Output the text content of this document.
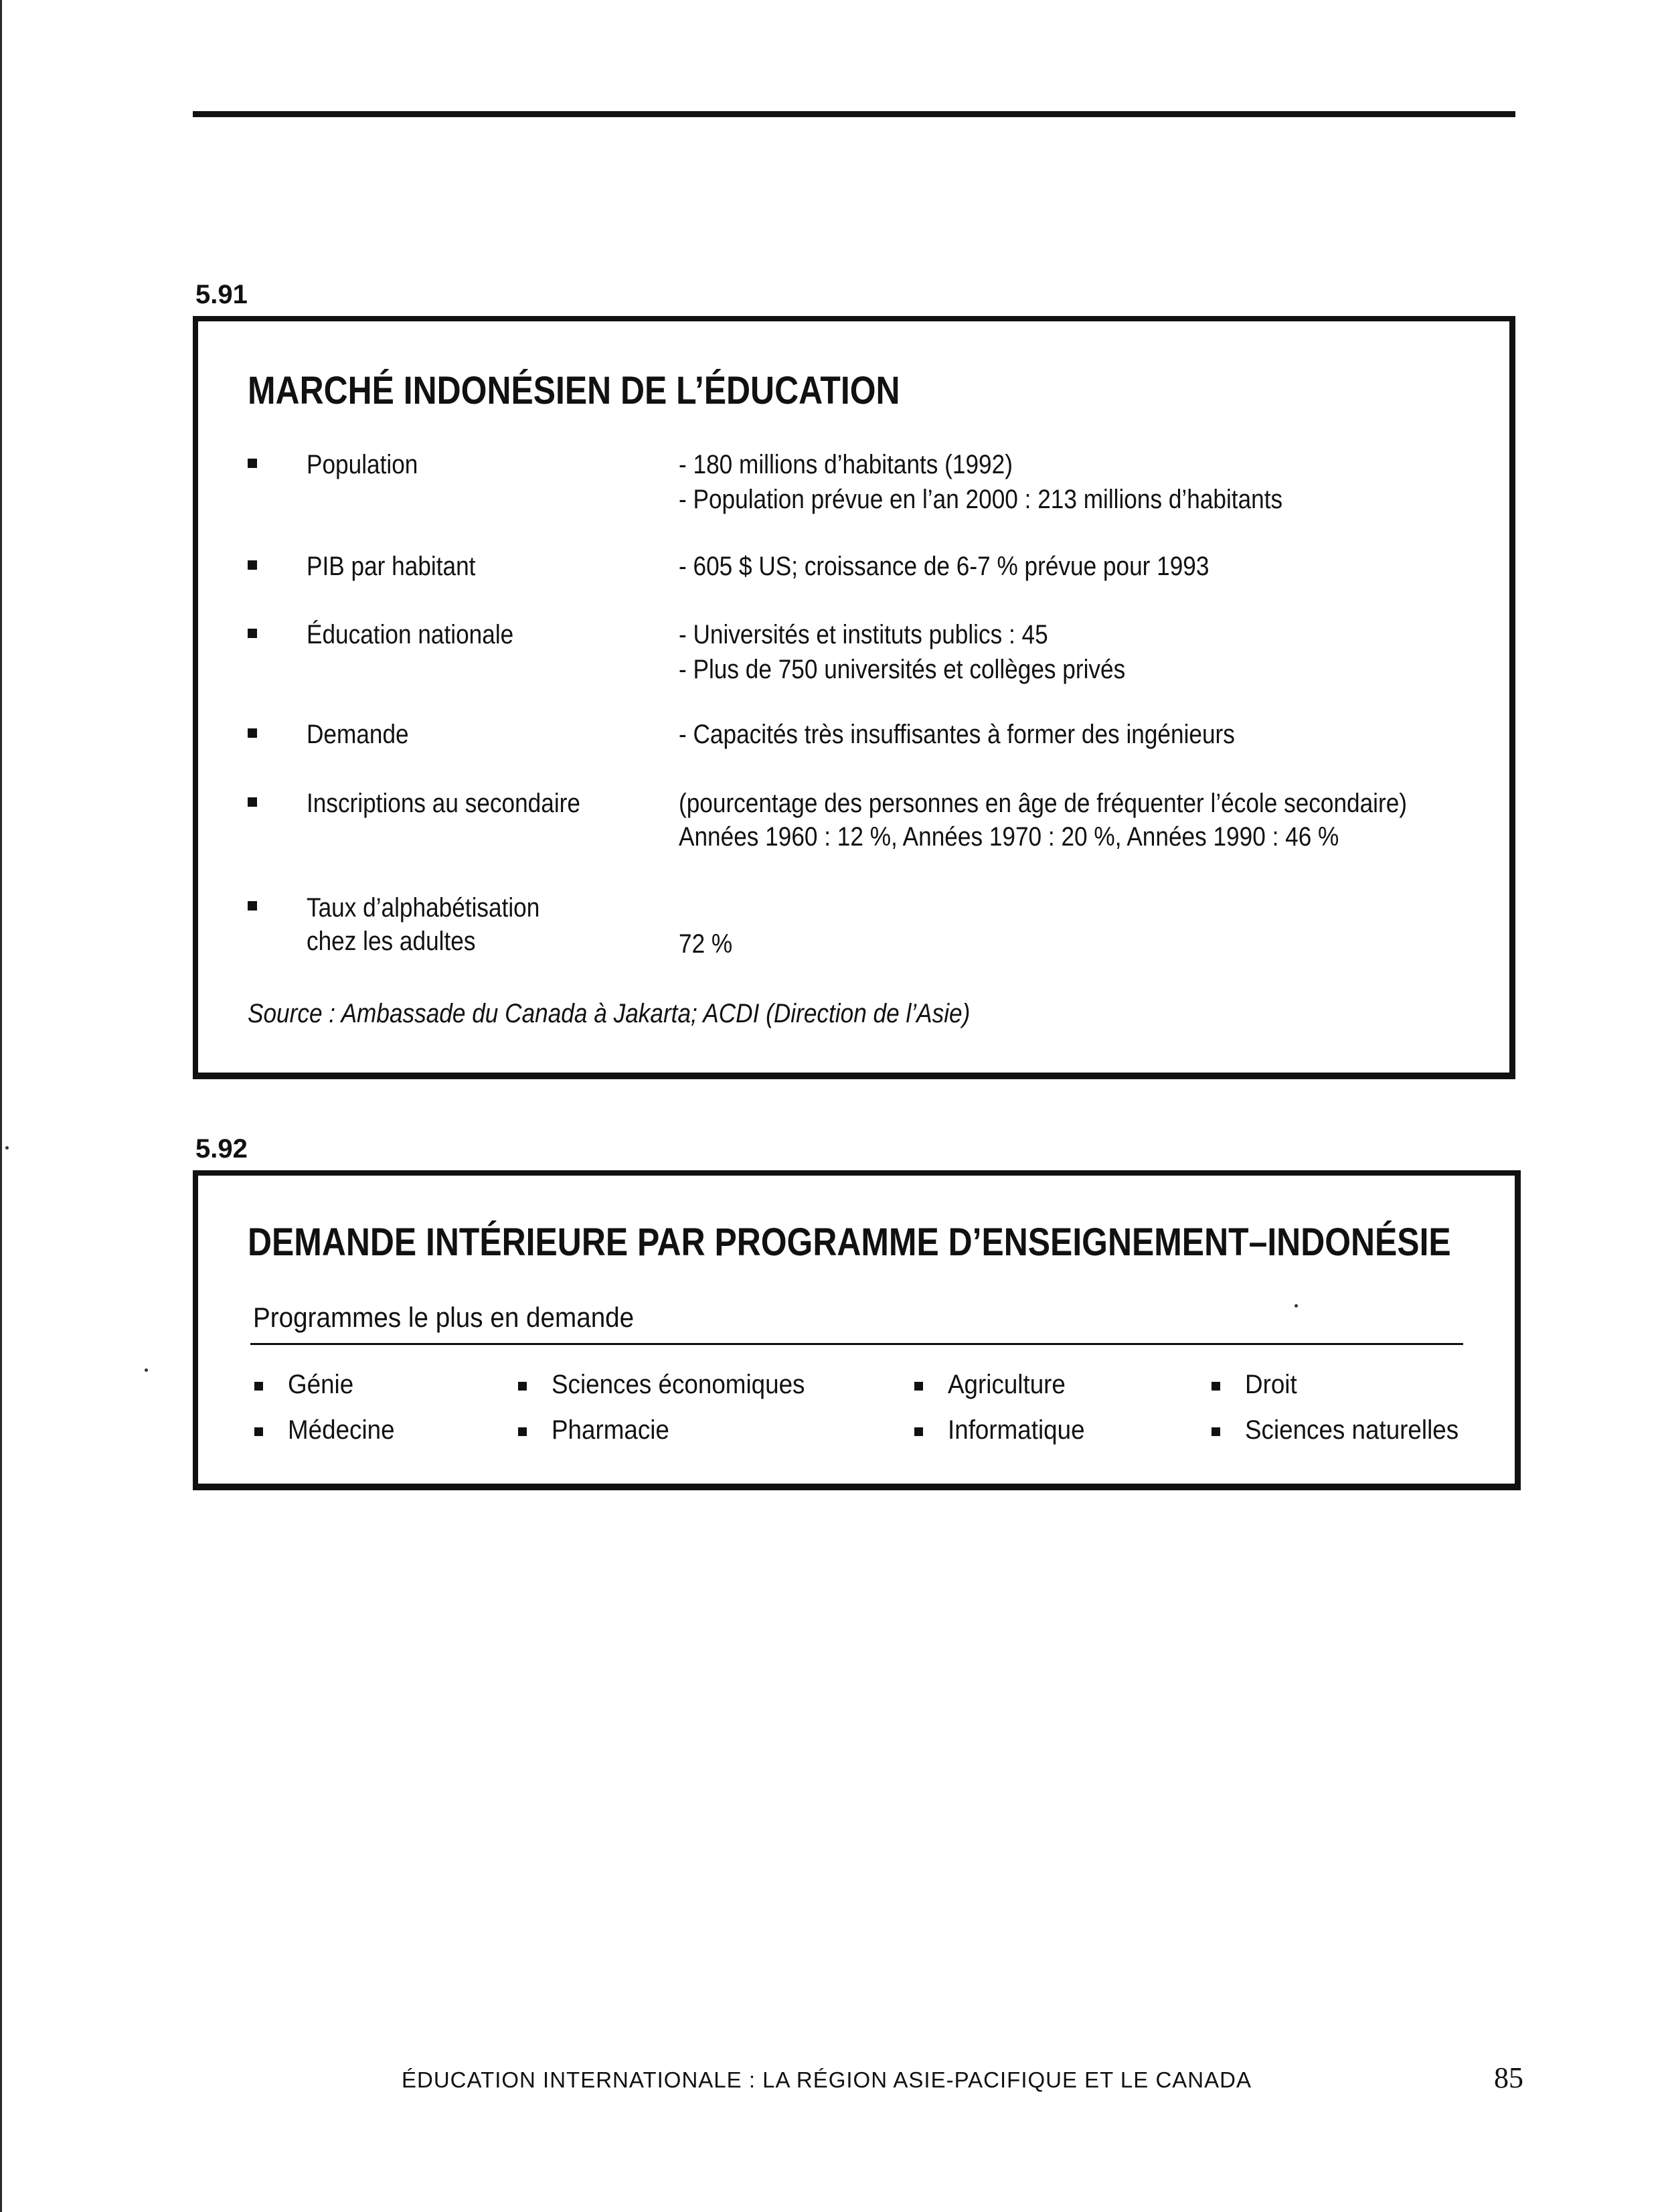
5.91
MARCHÉ INDONÉSIEN DE L’ÉDUCATION
Population	- 180 millions d’habitants (1992)
- Population prévue en l’an 2000 : 213 millions d’habitants
PIB par habitant	- 605 $ US; croissance de 6-7 % prévue pour 1993
Éducation nationale	- Universités et instituts publics : 45
- Plus de 750 universités et collèges privés
Demande	- Capacités très insuffisantes à former des ingénieurs
Inscriptions au secondaire	(pourcentage des personnes en âge de fréquenter l’école secondaire)
Années 1960 : 12 %, Années 1970 : 20 %, Années 1990 : 46 %
Taux d’alphabétisation
chez les adultes	72 %
Source : Ambassade du Canada à Jakarta; ACDI (Direction de l’Asie)
5.92
DEMANDE INTÉRIEURE PAR PROGRAMME D’ENSEIGNEMENT–INDONÉSIE
Programmes le plus en demande
Génie
Médecine
Sciences économiques
Pharmacie
Agriculture
Informatique
Droit
Sciences naturelles
ÉDUCATION INTERNATIONALE : LA RÉGION ASIE-PACIFIQUE ET LE CANADA	85
